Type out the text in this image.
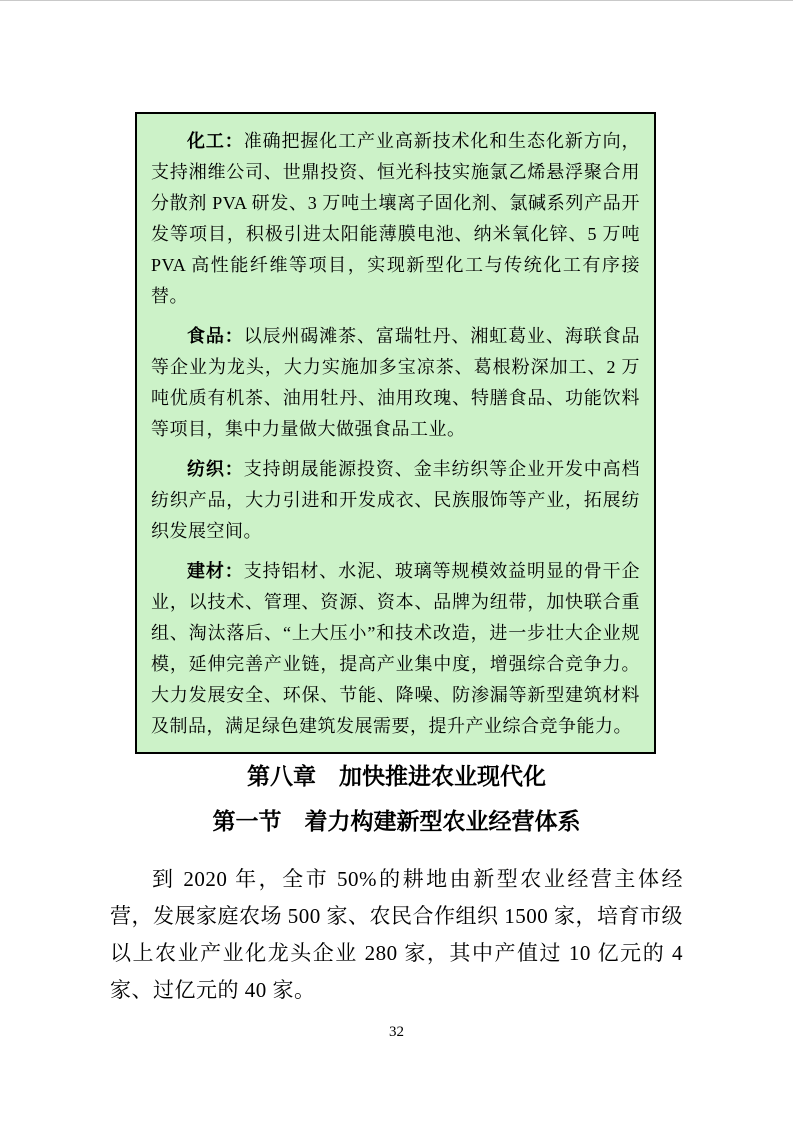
化工：准确把握化工产业高新技术化和生态化新方向，支持湘维公司、世鼎投资、恒光科技实施氯乙烯悬浮聚合用分散剂 PVA 研发、3 万吨土壤离子固化剂、氯碱系列产品开发等项目，积极引进太阳能薄膜电池、纳米氧化锌、5 万吨 PVA 高性能纤维等项目，实现新型化工与传统化工有序接替。

食品：以辰州碣滩茶、富瑞牡丹、湘虹葛业、海联食品等企业为龙头，大力实施加多宝凉茶、葛根粉深加工、2 万吨优质有机茶、油用牡丹、油用玫瑰、特膳食品、功能饮料等项目，集中力量做大做强食品工业。

纺织：支持朗晟能源投资、金丰纺织等企业开发中高档纺织产品，大力引进和开发成衣、民族服饰等产业，拓展纺织发展空间。

建材：支持铝材、水泥、玻璃等规模效益明显的骨干企业，以技术、管理、资源、资本、品牌为纽带，加快联合重组、淘汰落后、“上大压小”和技术改造，进一步壮大企业规模，延伸完善产业链，提高产业集中度，增强综合竞争力。大力发展安全、环保、节能、降噪、防渗漏等新型建筑材料及制品，满足绿色建筑发展需要，提升产业综合竞争能力。

第八章　加快推进农业现代化
第一节　着力构建新型农业经营体系
到 2020 年，全市 50%的耕地由新型农业经营主体经营，发展家庭农场 500 家、农民合作组织 1500 家，培育市级以上农业产业化龙头企业 280 家，其中产值过 10 亿元的 4 家、过亿元的 40 家。
32
